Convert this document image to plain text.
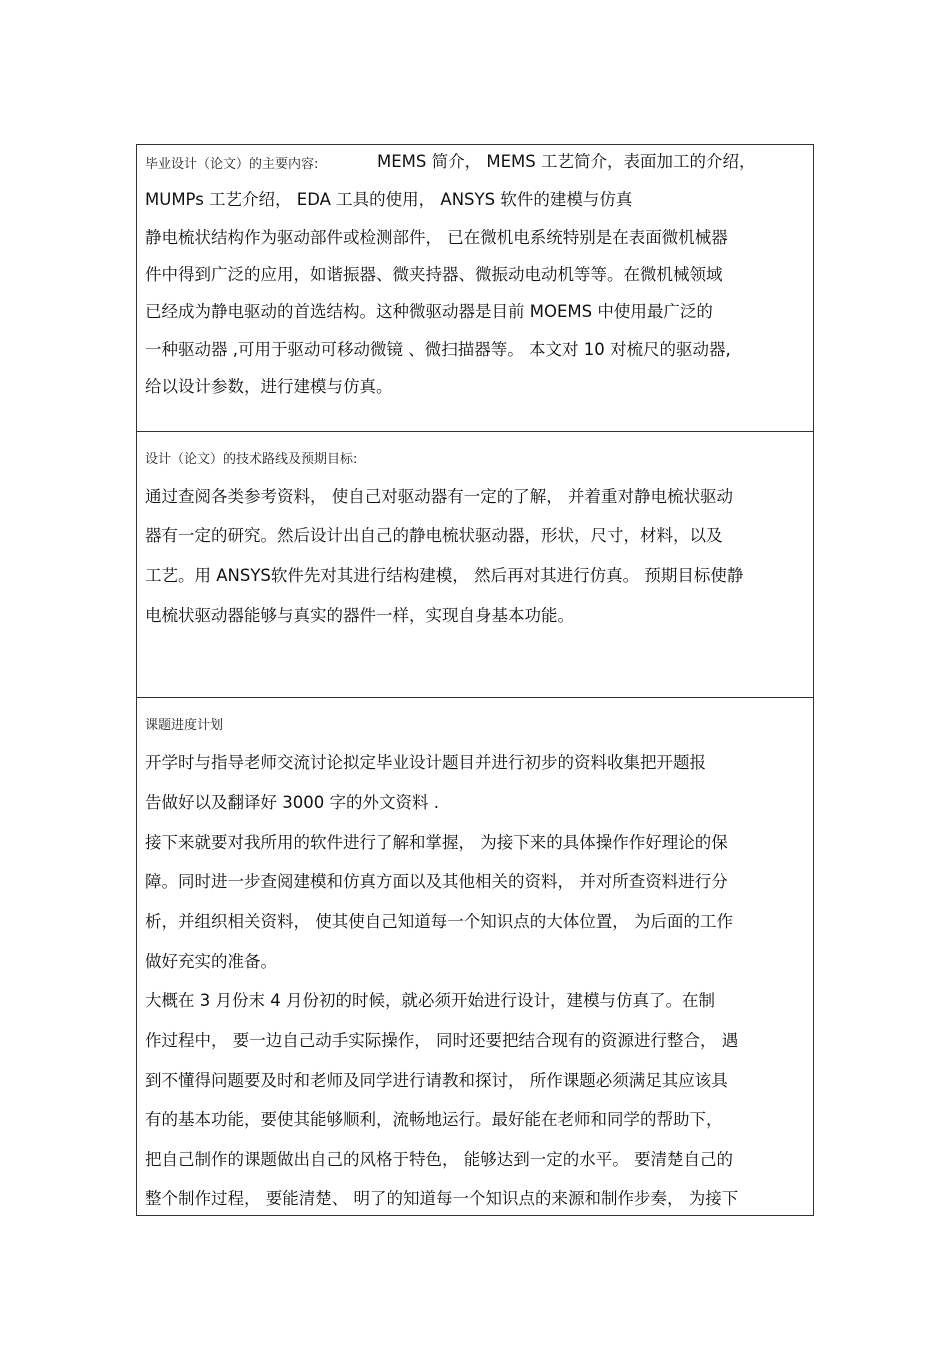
毕业设计（论文）的主要内容:	MEMS 简介， MEMS 工艺简介，表面加工的介绍，
MUMPs 工艺介绍， EDA 工具的使用， ANSYS 软件的建模与仿真
静电梳状结构作为驱动部件或检测部件， 已在微机电系统特别是在表面微机械器
件中得到广泛的应用，如谐振器、微夹持器、微振动电动机等等。在微机械领域
已经成为静电驱动的首选结构。这种微驱动器是目前 MOEMS 中使用最广泛的
一种驱动器 ,可用于驱动可移动微镜 、微扫描器等。 本文对 10 对梳尺的驱动器,
给以设计参数，进行建模与仿真。
设计（论文）的技术路线及预期目标:
通过查阅各类参考资料， 使自己对驱动器有一定的了解， 并着重对静电梳状驱动
器有一定的研究。然后设计出自己的静电梳状驱动器，形状，尺寸，材料，以及
工艺。用 ANSYS软件先对其进行结构建模， 然后再对其进行仿真。 预期目标使静
电梳状驱动器能够与真实的器件一样，实现自身基本功能。
课题进度计划
开学时与指导老师交流讨论拟定毕业设计题目并进行初步的资料收集把开题报
告做好以及翻译好 3000 字的外文资料 .
接下来就要对我所用的软件进行了解和掌握， 为接下来的具体操作作好理论的保
障。同时进一步查阅建模和仿真方面以及其他相关的资料， 并对所查资料进行分
析，并组织相关资料， 使其使自己知道每一个知识点的大体位置， 为后面的工作
做好充实的准备。
大概在 3 月份末 4 月份初的时候，就必须开始进行设计，建模与仿真了。在制
作过程中， 要一边自己动手实际操作， 同时还要把结合现有的资源进行整合， 遇
到不懂得问题要及时和老师及同学进行请教和探讨， 所作课题必须满足其应该具
有的基本功能，要使其能够顺利，流畅地运行。最好能在老师和同学的帮助下，
把自己制作的课题做出自己的风格于特色， 能够达到一定的水平。 要清楚自己的
整个制作过程， 要能清楚、 明了的知道每一个知识点的来源和制作步奏， 为接下
